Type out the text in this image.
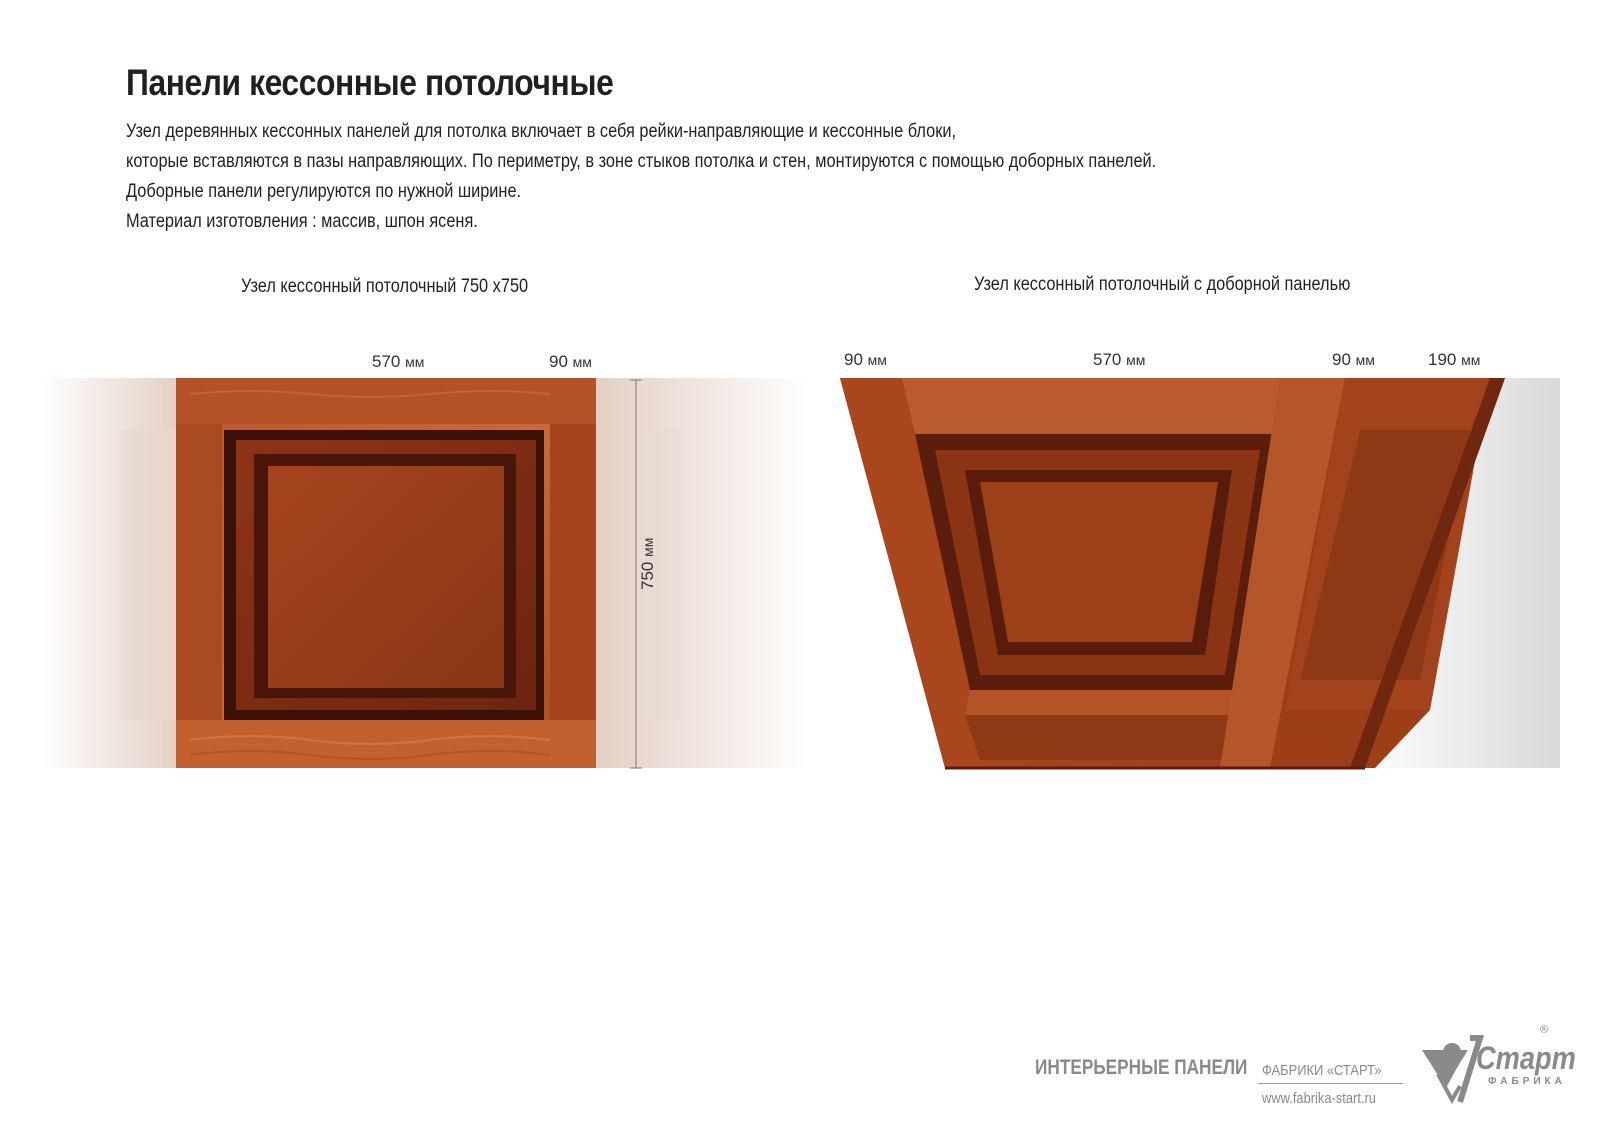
Панели кессонные потолочные
Узел деревянных кессонных панелей для потолка включает в себя рейки-направляющие и кессонные блоки,
которые вставляются в пазы направляющих. По периметру, в зоне стыков потолка и стен, монтируются с помощью доборных панелей.
Доборные панели регулируются по нужной ширине.
Материал изготовления : массив, шпон ясеня.
Узел кессонный потолочный 750 х750
570 мм	90 мм
750 мм
Узел кессонный потолочный с доборной панелью
90 мм	570 мм	90 мм	190 мм
ИНТЕРЬЕРНЫЕ ПАНЕЛИ ФАБРИКИ «СТАРТ»
www.fabrika-start.ru
Старт
®
ФАБРИКА
